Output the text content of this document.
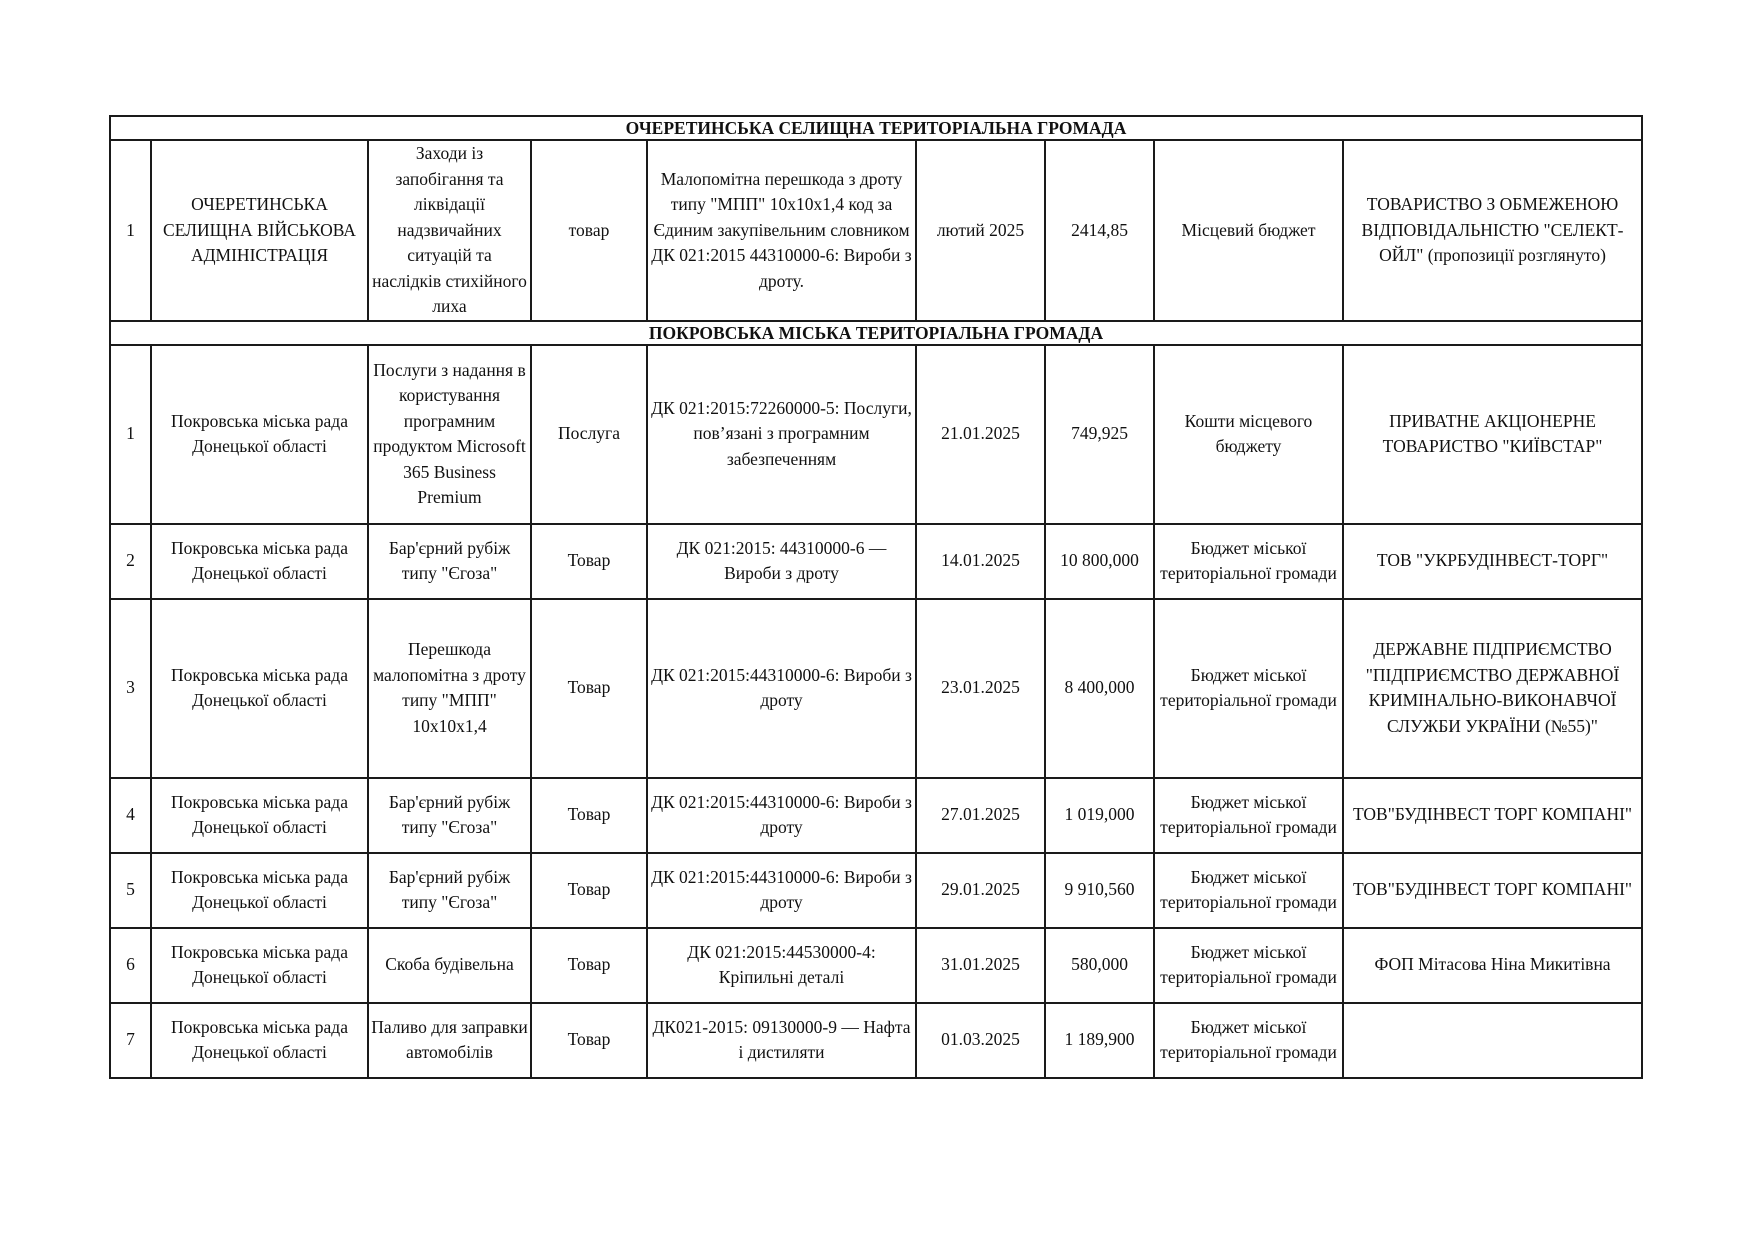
ОЧЕРЕТИНСЬКА СЕЛИЩНА ТЕРИТОРІАЛЬНА ГРОМАДА								
1	ОЧЕРЕТИНСЬКА СЕЛИЩНА ВІЙСЬКОВА АДМІНІСТРАЦІЯ	Заходи із запобігання та ліквідації надзвичайних ситуацій та наслідків стихійного лиха	товар	Малопомітна перешкода з дроту типу "МПП" 10х10х1,4 код за Єдиним закупівельним словником ДК 021:2015 44310000-6: Вироби з дроту.	лютий 2025	2414,85	Місцевий бюджет	ТОВАРИСТВО З ОБМЕЖЕНОЮ ВІДПОВІДАЛЬНІСТЮ "СЕЛЕКТ-ОЙЛ" (пропозиції розглянуто)
ПОКРОВСЬКА МІСЬКА ТЕРИТОРІАЛЬНА ГРОМАДА								
1	Покровська міська рада Донецької області	Послуги з надання в користування програмним продуктом Microsoft 365 Business Premium	Послуга	ДК 021:2015:72260000-5: Послуги, пов’язані з програмним забезпеченням	21.01.2025	749,925	Кошти місцевого бюджету	ПРИВАТНЕ АКЦІОНЕРНЕ ТОВАРИСТВО "КИЇВСТАР"
2	Покровська міська рада Донецької області	Бар'єрний рубіж типу "Єгоза"	Товар	ДК 021:2015: 44310000-6 — Вироби з дроту	14.01.2025	10 800,000	Бюджет міської територіальної громади	ТОВ "УКРБУДІНВЕСТ-ТОРГ"
3	Покровська міська рада Донецької області	Перешкода малопомітна з дроту типу "МПП" 10х10х1,4	Товар	ДК 021:2015:44310000-6: Вироби з дроту	23.01.2025	8 400,000	Бюджет міської територіальної громади	ДЕРЖАВНЕ ПІДПРИЄМСТВО "ПІДПРИЄМСТВО ДЕРЖАВНОЇ КРИМІНАЛЬНО-ВИКОНАВЧОЇ СЛУЖБИ УКРАЇНИ (№55)"
4	Покровська міська рада Донецької області	Бар'єрний рубіж типу "Єгоза"	Товар	ДК 021:2015:44310000-6: Вироби з дроту	27.01.2025	1 019,000	Бюджет міської територіальної громади	ТОВ"БУДІНВЕСТ ТОРГ КОМПАНІ"
5	Покровська міська рада Донецької області	Бар'єрний рубіж типу "Єгоза"	Товар	ДК 021:2015:44310000-6: Вироби з дроту	29.01.2025	9 910,560	Бюджет міської територіальної громади	ТОВ"БУДІНВЕСТ ТОРГ КОМПАНІ"
6	Покровська міська рада Донецької області	Скоба будівельна	Товар	ДК 021:2015:44530000-4: Кріпильні деталі	31.01.2025	580,000	Бюджет міської територіальної громади	ФОП Мітасова Ніна Микитівна
7	Покровська міська рада Донецької області	Паливо для заправки автомобілів	Товар	ДК021-2015: 09130000-9 — Нафта і дистиляти	01.03.2025	1 189,900	Бюджет міської територіальної громади	
